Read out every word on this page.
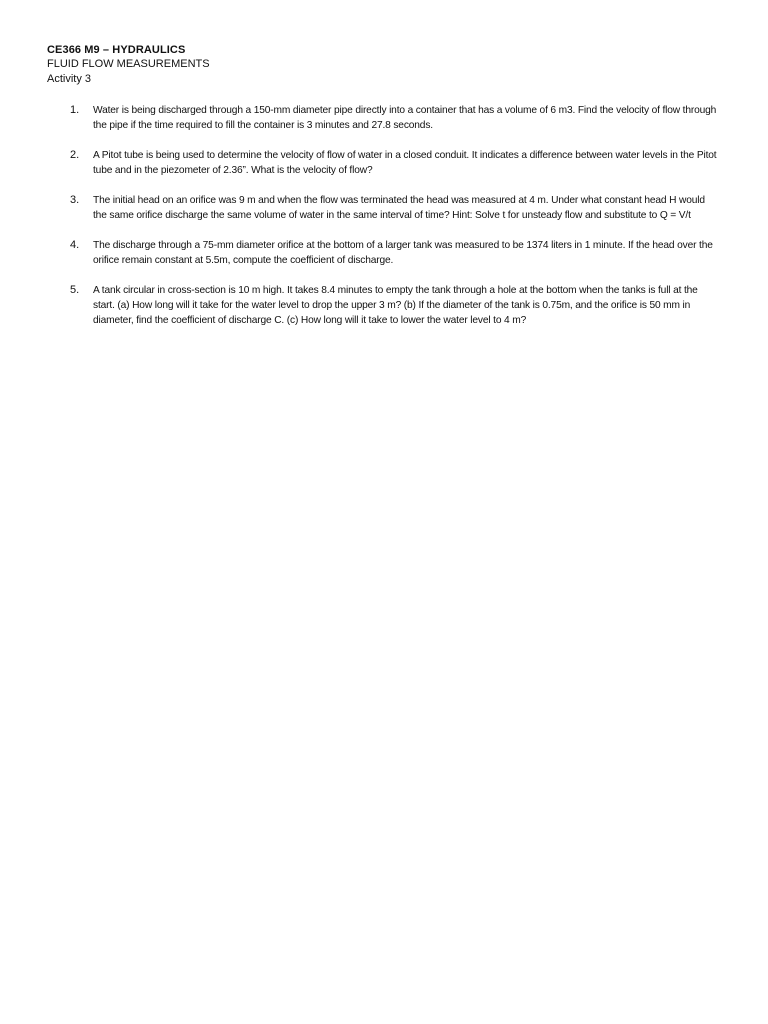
CE366 M9 – HYDRAULICS
FLUID FLOW MEASUREMENTS
Activity 3
1. Water is being discharged through a 150-mm diameter pipe directly into a container that has a volume of 6 m3. Find the velocity of flow through the pipe if the time required to fill the container is 3 minutes and 27.8 seconds.
2. A Pitot tube is being used to determine the velocity of flow of water in a closed conduit. It indicates a difference between water levels in the Pitot tube and in the piezometer of 2.36”. What is the velocity of flow?
3. The initial head on an orifice was 9 m and when the flow was terminated the head was measured at 4 m. Under what constant head H would the same orifice discharge the same volume of water in the same interval of time? Hint: Solve t for unsteady flow and substitute to Q = V/t
4. The discharge through a 75-mm diameter orifice at the bottom of a larger tank was measured to be 1374 liters in 1 minute. If the head over the orifice remain constant at 5.5m, compute the coefficient of discharge.
5. A tank circular in cross-section is 10 m high. It takes 8.4 minutes to empty the tank through a hole at the bottom when the tanks is full at the start. (a) How long will it take for the water level to drop the upper 3 m? (b) If the diameter of the tank is 0.75m, and the orifice is 50 mm in diameter, find the coefficient of discharge C. (c) How long will it take to lower the water level to 4 m?
